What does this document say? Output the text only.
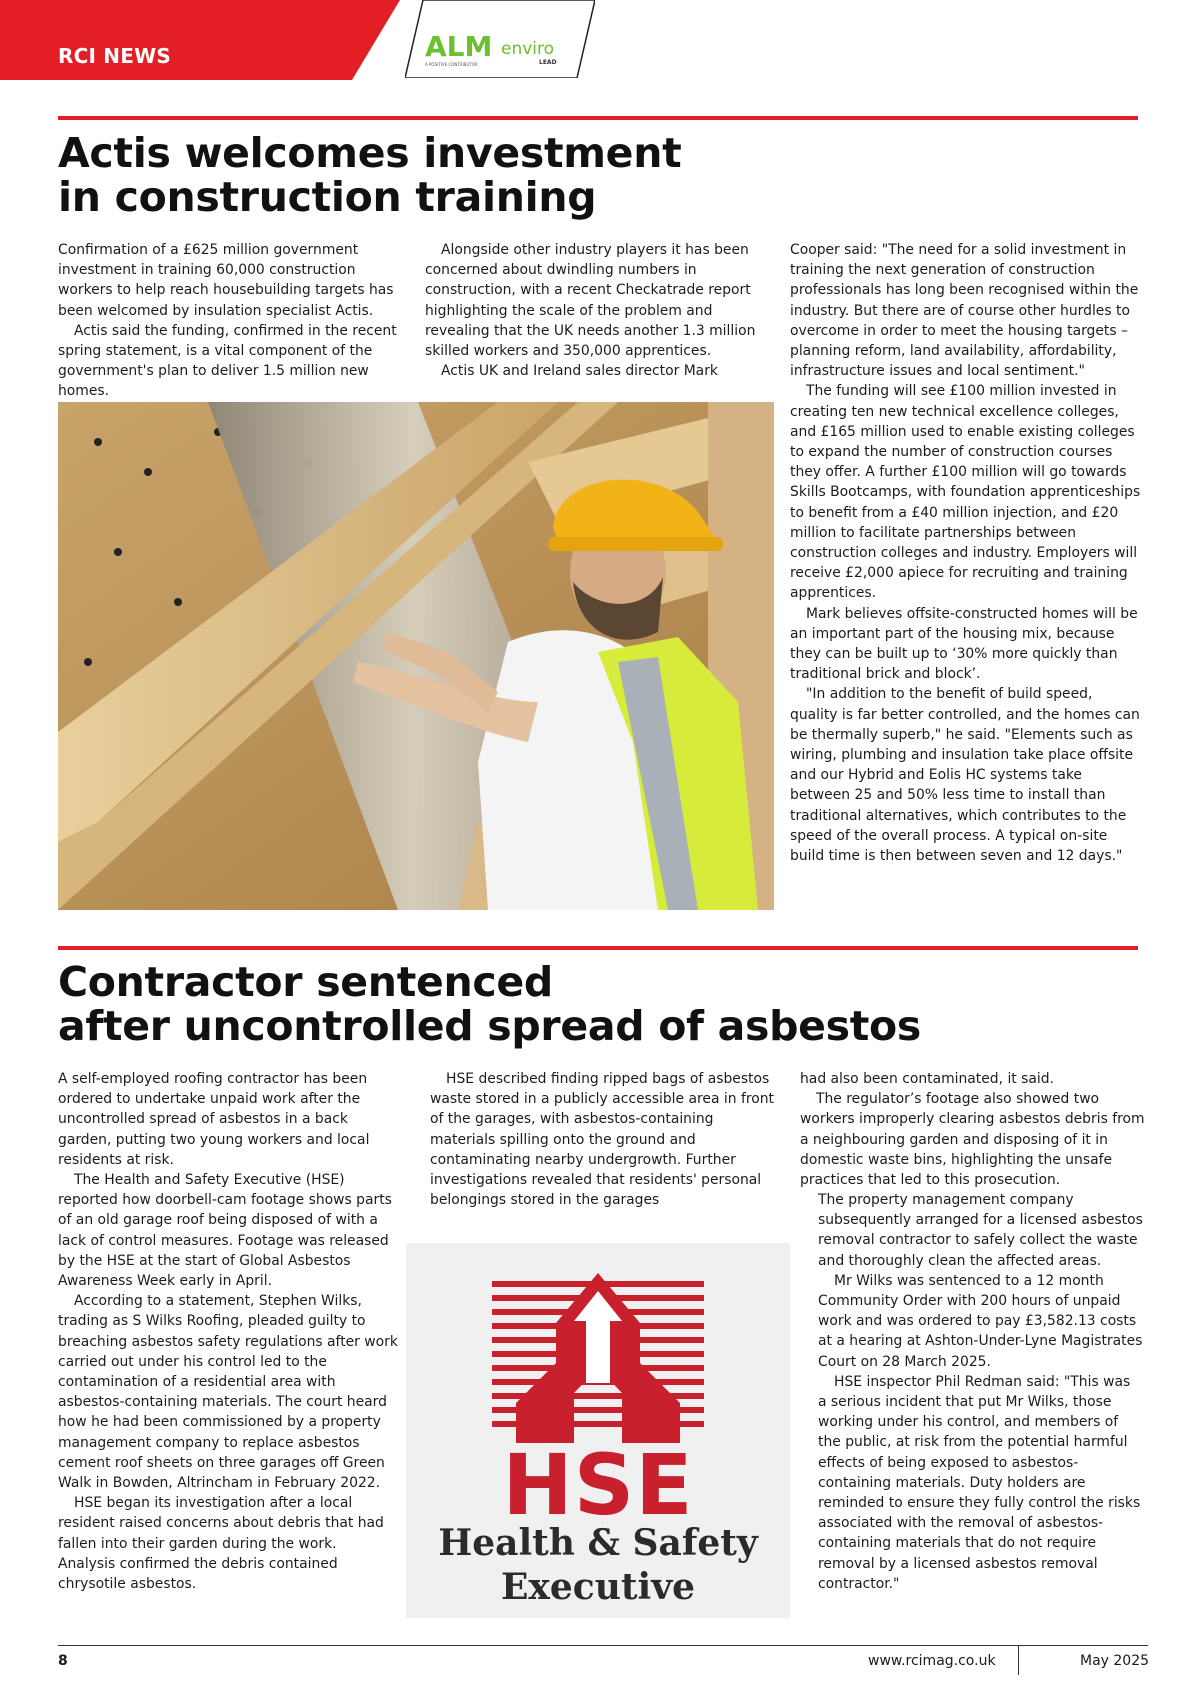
RCI NEWS	ALM
A POSITIVE CONTRIBUTOR
enviro
LEAD
Actis welcomes investment
in construction training

Confirmation of a £625 million government investment in training 60,000 construction workers to help reach housebuilding targets has been welcomed by insulation specialist Actis.

Actis said the funding, confirmed in the recent spring statement, is a vital component of the government's plan to deliver 1.5 million new homes.

Alongside other industry players it has been concerned about dwindling numbers in construction, with a recent Checkatrade report highlighting the scale of the problem and revealing that the UK needs another 1.3 million skilled workers and 350,000 apprentices.

Actis UK and Ireland sales director Mark

Cooper said: "The need for a solid investment in training the next generation of construction professionals has long been recognised within the industry. But there are of course other hurdles to overcome in order to meet the housing targets – planning reform, land availability, affordability, infrastructure issues and local sentiment."

The funding will see £100 million invested in creating ten new technical excellence colleges, and £165 million used to enable existing colleges to expand the number of construction courses they offer. A further £100 million will go towards Skills Bootcamps, with foundation apprenticeships to benefit from a £40 million injection, and £20 million to facilitate partnerships between construction colleges and industry. Employers will receive £2,000 apiece for recruiting and training apprentices.

Mark believes offsite-constructed homes will be an important part of the housing mix, because they can be built up to ‘30% more quickly than traditional brick and block’.

"In addition to the benefit of build speed, quality is far better controlled, and the homes can be thermally superb," he said. "Elements such as wiring, plumbing and insulation take place offsite and our Hybrid and Eolis HC systems take between 25 and 50% less time to install than traditional alternatives, which contributes to the speed of the overall process. A typical on-site build time is then between seven and 12 days."

Contractor sentenced
after uncontrolled spread of asbestos

A self-employed roofing contractor has been ordered to undertake unpaid work after the uncontrolled spread of asbestos in a back garden, putting two young workers and local residents at risk.

The Health and Safety Executive (HSE) reported how doorbell-cam footage shows parts of an old garage roof being disposed of with a lack of control measures. Footage was released by the HSE at the start of Global Asbestos Awareness Week early in April.

According to a statement, Stephen Wilks, trading as S Wilks Roofing, pleaded guilty to breaching asbestos safety regulations after work carried out under his control led to the contamination of a residential area with asbestos-containing materials. The court heard how he had been commissioned by a property management company to replace asbestos cement roof sheets on three garages off Green Walk in Bowden, Altrincham in February 2022.

HSE began its investigation after a local resident raised concerns about debris that had fallen into their garden during the work. Analysis confirmed the debris contained chrysotile asbestos.

HSE described finding ripped bags of asbestos waste stored in a publicly accessible area in front of the garages, with asbestos-containing materials spilling onto the ground and contaminating nearby undergrowth. Further investigations revealed that residents' personal belongings stored in the garages

had also been contaminated, it said.

The regulator’s footage also showed two workers improperly clearing asbestos debris from a neighbouring garden and disposing of it in domestic waste bins, highlighting the unsafe practices that led to this prosecution.

The property management company subsequently arranged for a licensed asbestos removal contractor to safely collect the waste and thoroughly clean the affected areas.

Mr Wilks was sentenced to a 12 month Community Order with 200 hours of unpaid work and was ordered to pay £3,582.13 costs at a hearing at Ashton-Under-Lyne Magistrates Court on 28 March 2025.

HSE inspector Phil Redman said: "This was a serious incident that put Mr Wilks, those working under his control, and members of the public, at risk from the potential harmful effects of being exposed to asbestos-containing materials. Duty holders are reminded to ensure they fully control the risks associated with the removal of asbestos-containing materials that do not require removal by a licensed asbestos removal contractor."

HSE
Health & Safety
Executive
8	www.rcimag.co.uk	May 2025
